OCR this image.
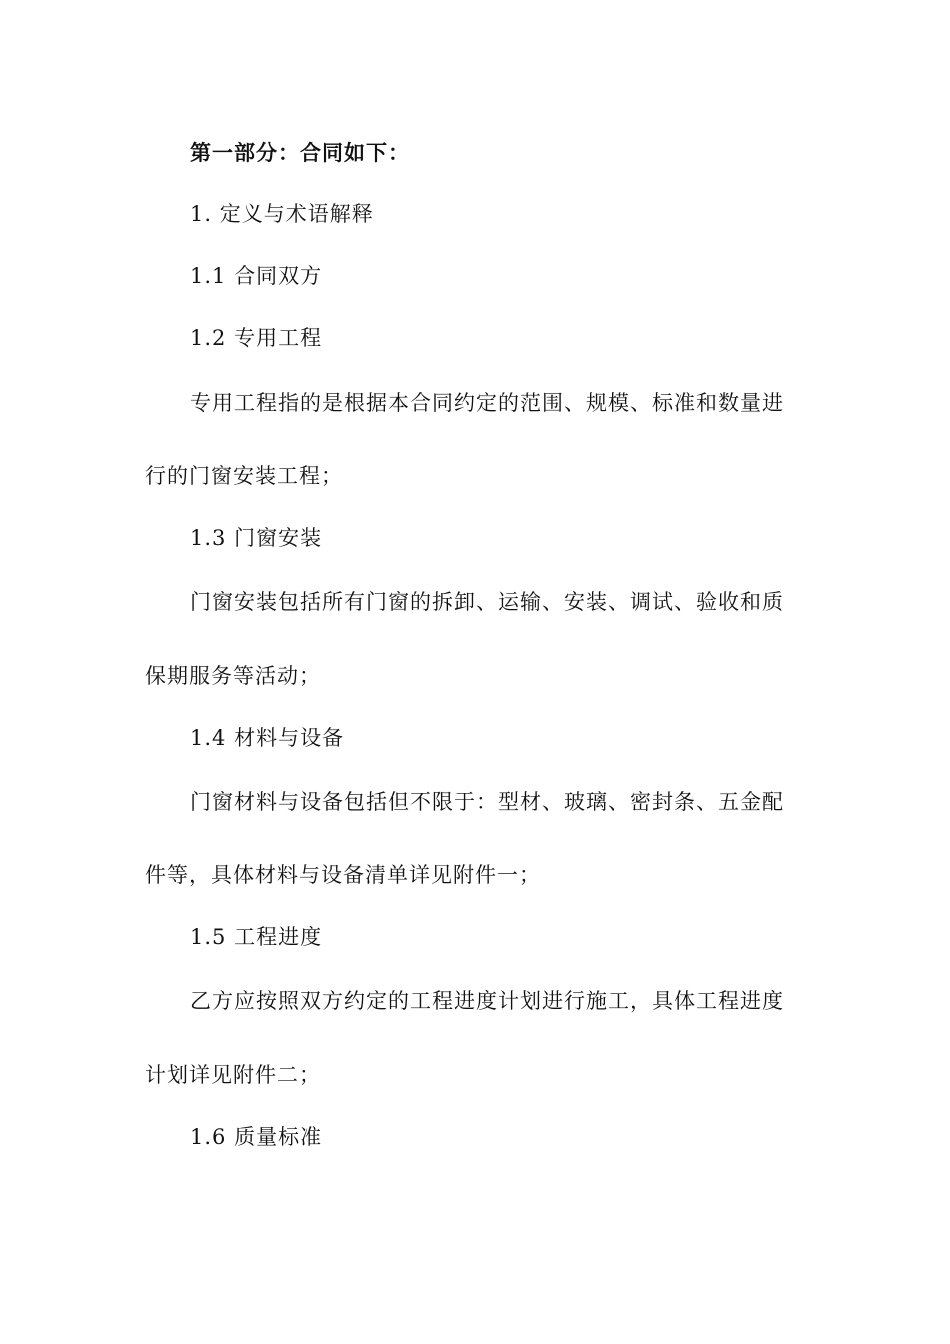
第一部分：合同如下：
1. 定义与术语解释
1.1 合同双方
1.2 专用工程
专用工程指的是根据本合同约定的范围、规模、标准和数量进
行的门窗安装工程；
1.3 门窗安装
门窗安装包括所有门窗的拆卸、运输、安装、调试、验收和质
保期服务等活动；
1.4 材料与设备
门窗材料与设备包括但不限于：型材、玻璃、密封条、五金配
件等，具体材料与设备清单详见附件一；
1.5 工程进度
乙方应按照双方约定的工程进度计划进行施工，具体工程进度
计划详见附件二；
1.6 质量标准
